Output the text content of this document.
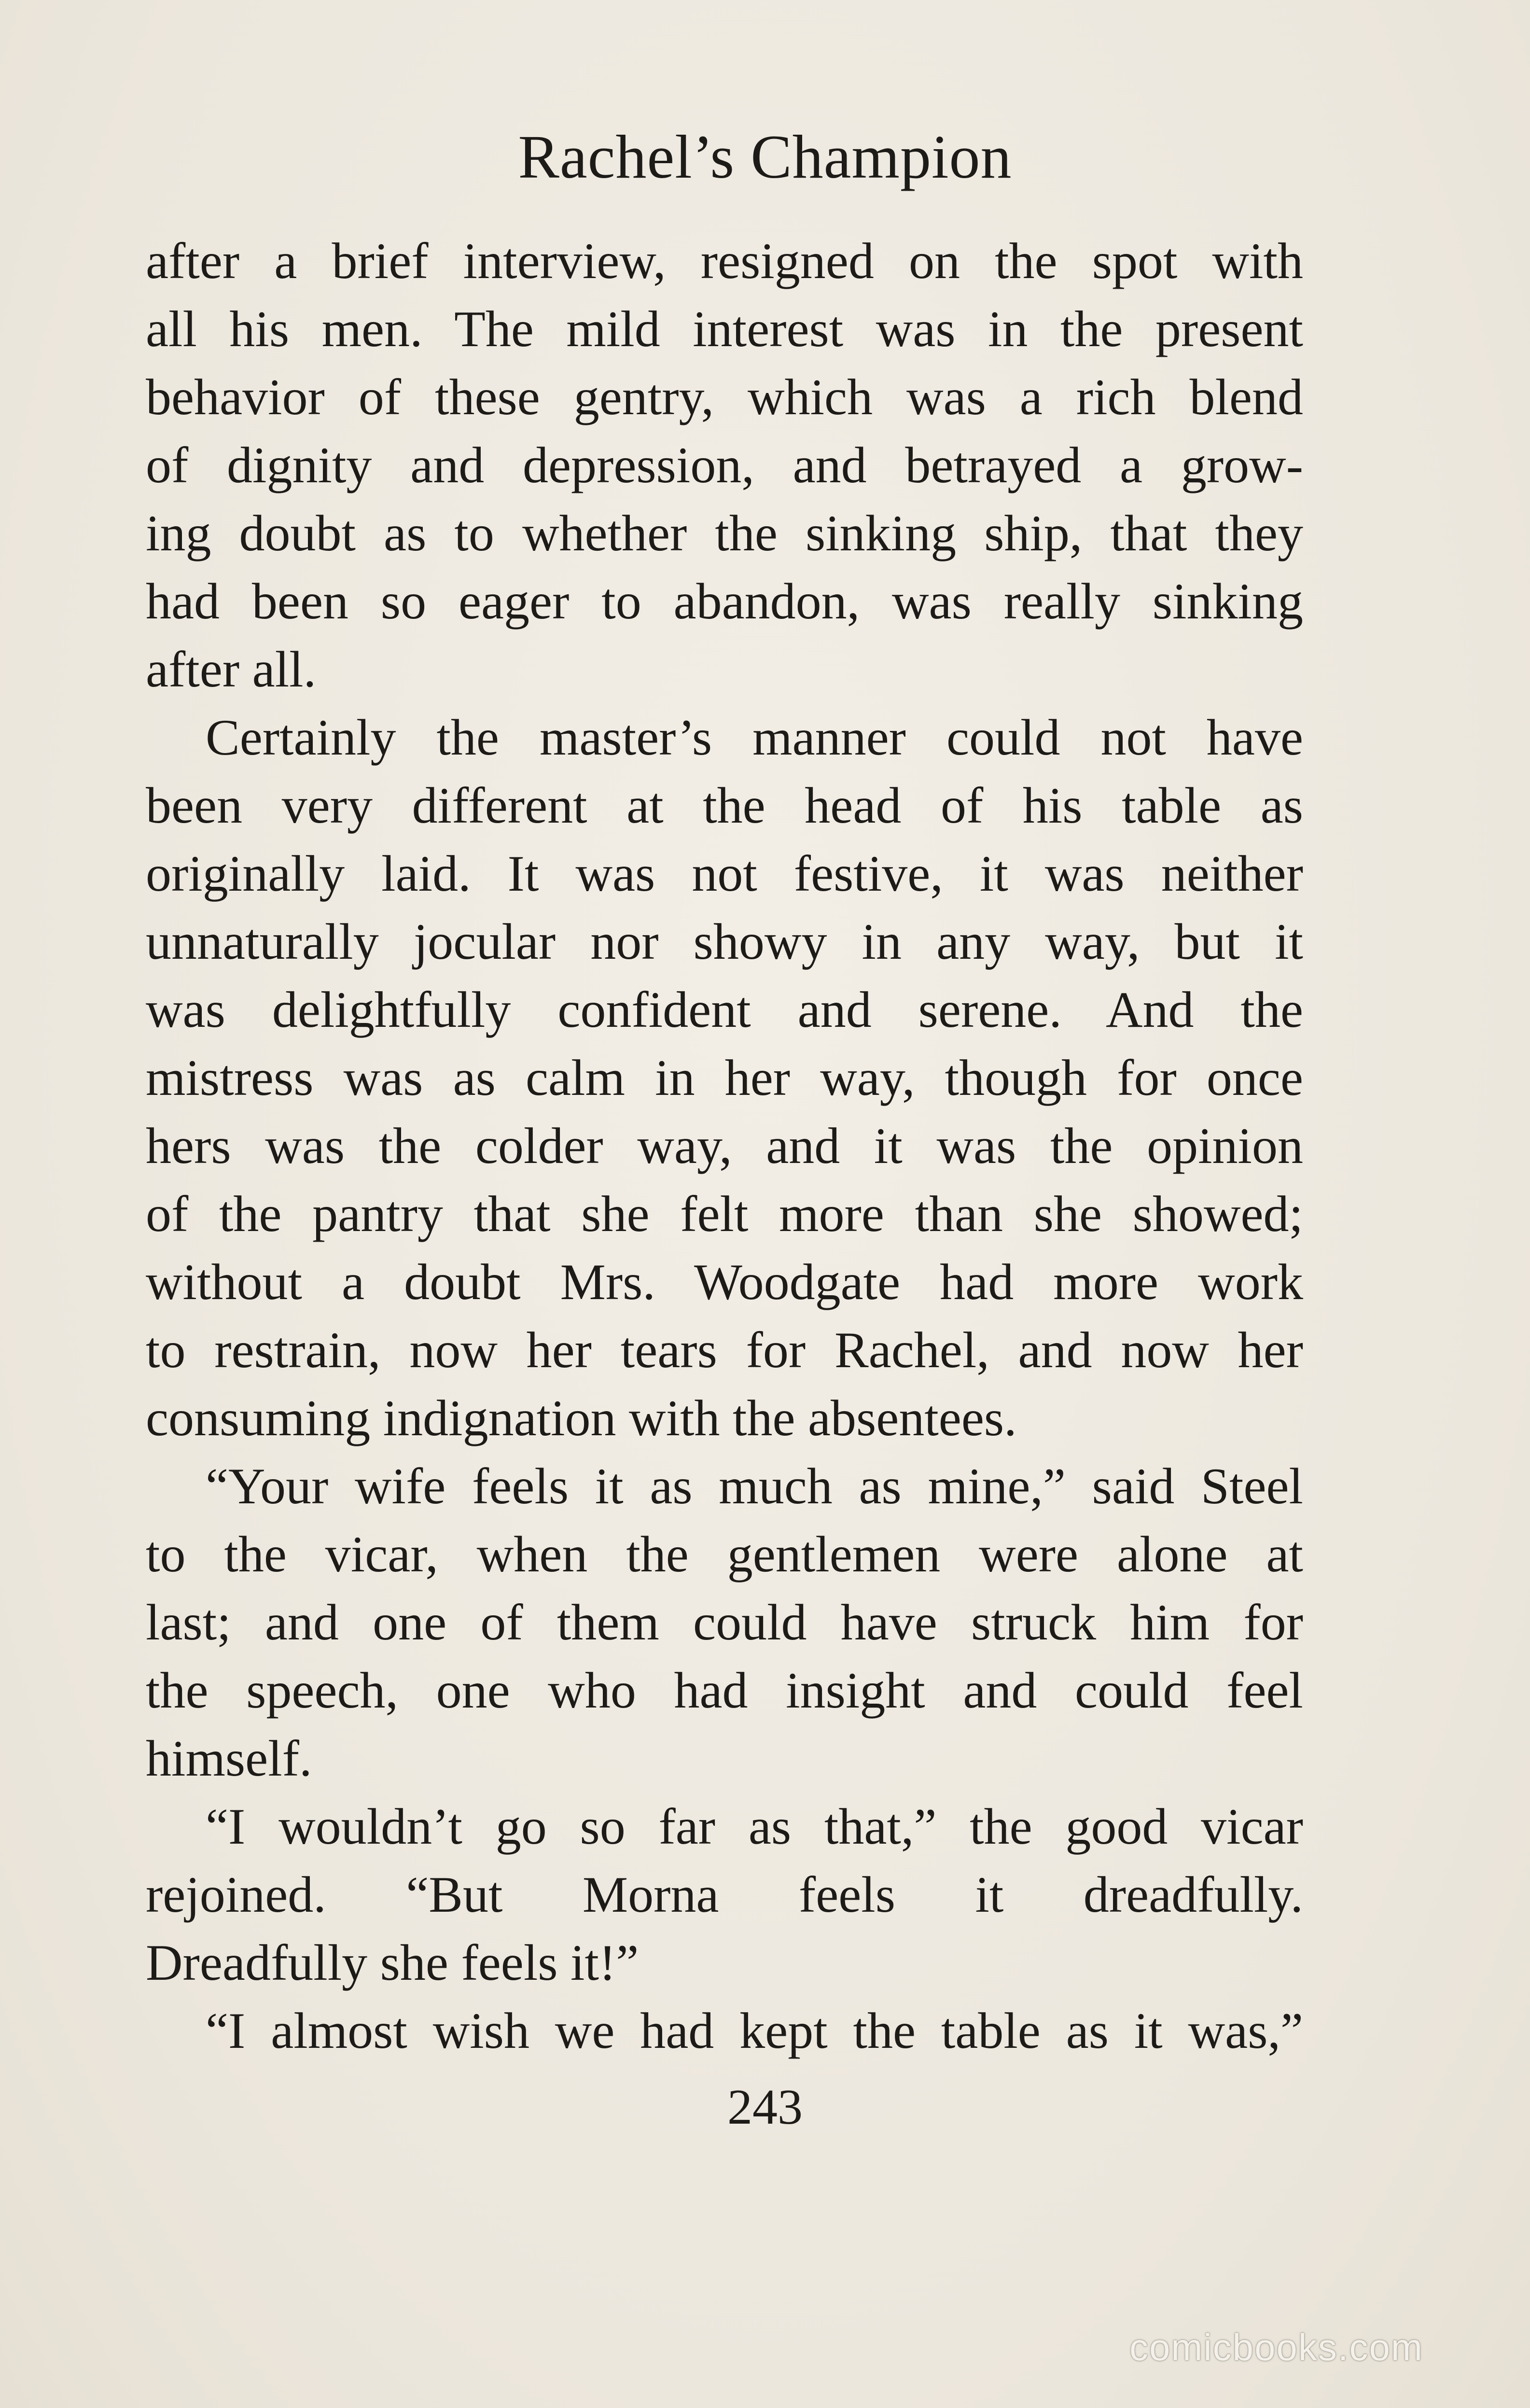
Rachel’s Champion
after a brief interview, resigned on the spot with
all his men. The mild interest was in the present
behavior of these gentry, which was a rich blend
of dignity and depression, and betrayed a grow-
ing doubt as to whether the sinking ship, that they
had been so eager to abandon, was really sinking
after all.
Certainly the master’s manner could not have
been very different at the head of his table as
originally laid. It was not festive, it was neither
unnaturally jocular nor showy in any way, but it
was delightfully confident and serene. And the
mistress was as calm in her way, though for once
hers was the colder way, and it was the opinion
of the pantry that she felt more than she showed;
without a doubt Mrs. Woodgate had more work
to restrain, now her tears for Rachel, and now her
consuming indignation with the absentees.
“Your wife feels it as much as mine,” said Steel
to the vicar, when the gentlemen were alone at
last; and one of them could have struck him for
the speech, one who had insight and could feel
himself.
“I wouldn’t go so far as that,” the good vicar
rejoined. “But Morna feels it dreadfully.
Dreadfully she feels it!”
“I almost wish we had kept the table as it was,”
243
comicbooks.com
